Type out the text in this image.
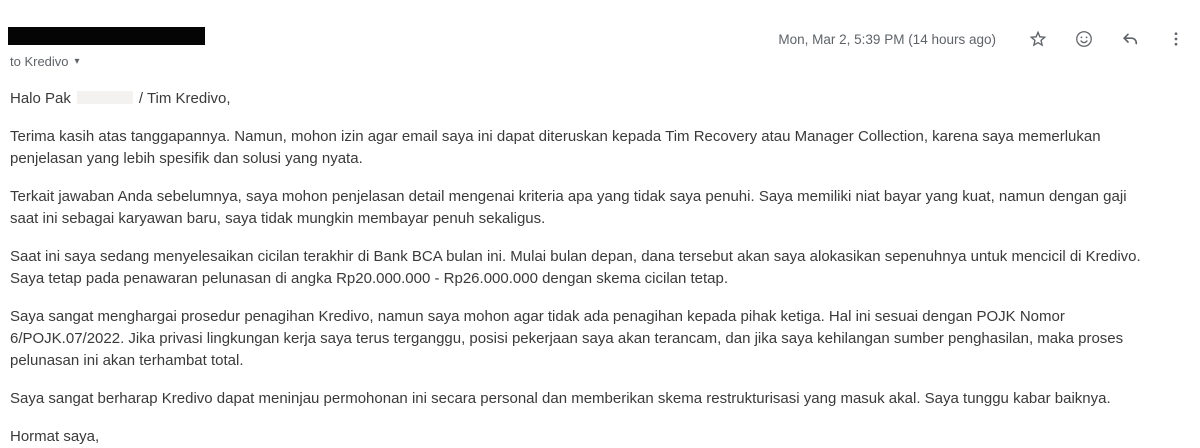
to Kredivo ▾
Mon, Mar 2, 5:39 PM (14 hours ago)

Halo Pak	/ Tim Kredivo,

Terima kasih atas tanggapannya. Namun, mohon izin agar email saya ini dapat diteruskan kepada Tim Recovery atau Manager Collection, karena saya memerlukan penjelasan yang lebih spesifik dan solusi yang nyata.

Terkait jawaban Anda sebelumnya, saya mohon penjelasan detail mengenai kriteria apa yang tidak saya penuhi. Saya memiliki niat bayar yang kuat, namun dengan gaji saat ini sebagai karyawan baru, saya tidak mungkin membayar penuh sekaligus.

Saat ini saya sedang menyelesaikan cicilan terakhir di Bank BCA bulan ini. Mulai bulan depan, dana tersebut akan saya alokasikan sepenuhnya untuk mencicil di Kredivo. Saya tetap pada penawaran pelunasan di angka Rp20.000.000 - Rp26.000.000 dengan skema cicilan tetap.

Saya sangat menghargai prosedur penagihan Kredivo, namun saya mohon agar tidak ada penagihan kepada pihak ketiga. Hal ini sesuai dengan POJK Nomor 6/POJK.07/2022. Jika privasi lingkungan kerja saya terus terganggu, posisi pekerjaan saya akan terancam, dan jika saya kehilangan sumber penghasilan, maka proses pelunasan ini akan terhambat total.

Saya sangat berharap Kredivo dapat meninjau permohonan ini secara personal dan memberikan skema restrukturisasi yang masuk akal. Saya tunggu kabar baiknya.

Hormat saya,
